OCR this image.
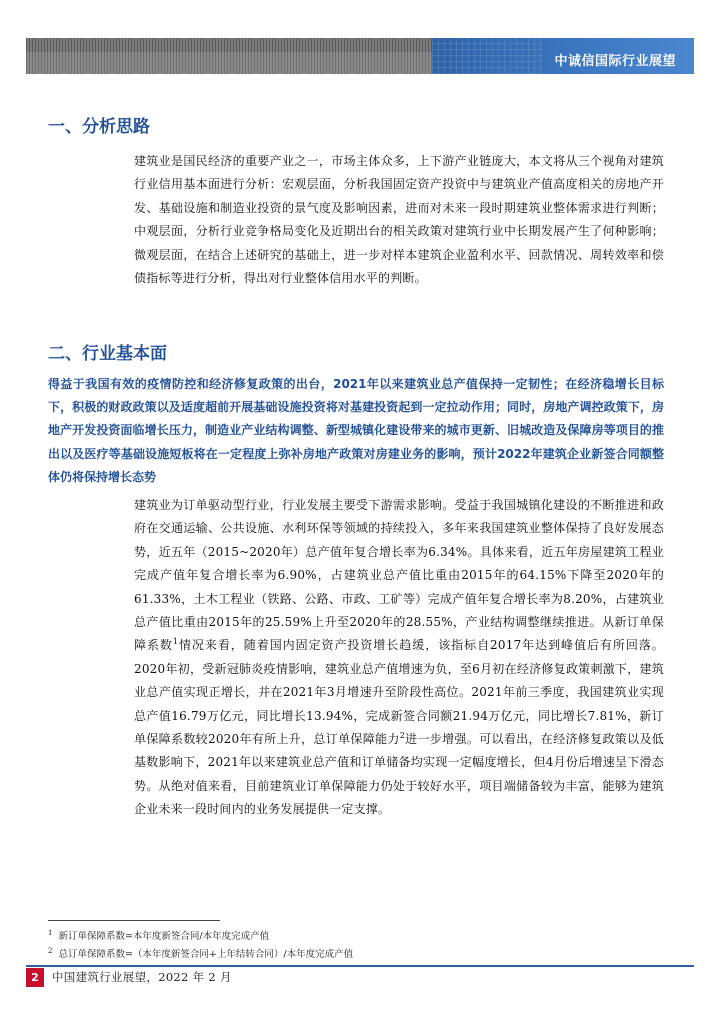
中诚信国际行业展望
一、分析思路

建筑业是国民经济的重要产业之一，市场主体众多，上下游产业链庞大，本文将从三个视角对建筑行业信用基本面进行分析：宏观层面，分析我国固定资产投资中与建筑业产值高度相关的房地产开发、基础设施和制造业投资的景气度及影响因素，进而对未来一段时期建筑业整体需求进行判断；中观层面，分析行业竞争格局变化及近期出台的相关政策对建筑行业中长期发展产生了何种影响；微观层面，在结合上述研究的基础上，进一步对样本建筑企业盈利水平、回款情况、周转效率和偿债指标等进行分析，得出对行业整体信用水平的判断。

二、行业基本面

得益于我国有效的疫情防控和经济修复政策的出台，2021年以来建筑业总产值保持一定韧性；在经济稳增长目标下，积极的财政政策以及适度超前开展基础设施投资将对基建投资起到一定拉动作用；同时，房地产调控政策下，房地产开发投资面临增长压力，制造业产业结构调整、新型城镇化建设带来的城市更新、旧城改造及保障房等项目的推出以及医疗等基础设施短板将在一定程度上弥补房地产政策对房建业务的影响，预计2022年建筑企业新签合同额整体仍将保持增长态势

建筑业为订单驱动型行业，行业发展主要受下游需求影响。受益于我国城镇化建设的不断推进和政府在交通运输、公共设施、水利环保等领域的持续投入，多年来我国建筑业整体保持了良好发展态势，近五年（2015~2020年）总产值年复合增长率为6.34%。具体来看，近五年房屋建筑工程业完成产值年复合增长率为6.90%，占建筑业总产值比重由2015年的64.15%下降至2020年的61.33%，土木工程业（铁路、公路、市政、工矿等）完成产值年复合增长率为8.20%，占建筑业总产值比重由2015年的25.59%上升至2020年的28.55%，产业结构调整继续推进。从新订单保障系数$^1$情况来看，随着国内固定资产投资增长趋缓，该指标自2017年达到峰值后有所回落。2020年初，受新冠肺炎疫情影响，建筑业总产值增速为负，至6月初在经济修复政策刺激下，建筑业总产值实现正增长，并在2021年3月增速升至阶段性高位。2021年前三季度，我国建筑业实现总产值16.79万亿元，同比增长13.94%，完成新签合同额21.94万亿元，同比增长7.81%，新订单保障系数较2020年有所上升，总订单保障能力$^2$进一步增强。可以看出，在经济修复政策以及低基数影响下，2021年以来建筑业总产值和订单储备均实现一定幅度增长，但4月份后增速呈下滑态势。从绝对值来看，目前建筑业订单保障能力仍处于较好水平，项目端储备较为丰富，能够为建筑企业未来一段时间内的业务发展提供一定支撑。

$^1$ 新订单保障系数=本年度新签合同/本年度完成产值
$^2$ 总订单保障系数=（本年度新签合同+上年结转合同）/本年度完成产值
2	中国建筑行业展望，2022 年 2 月
